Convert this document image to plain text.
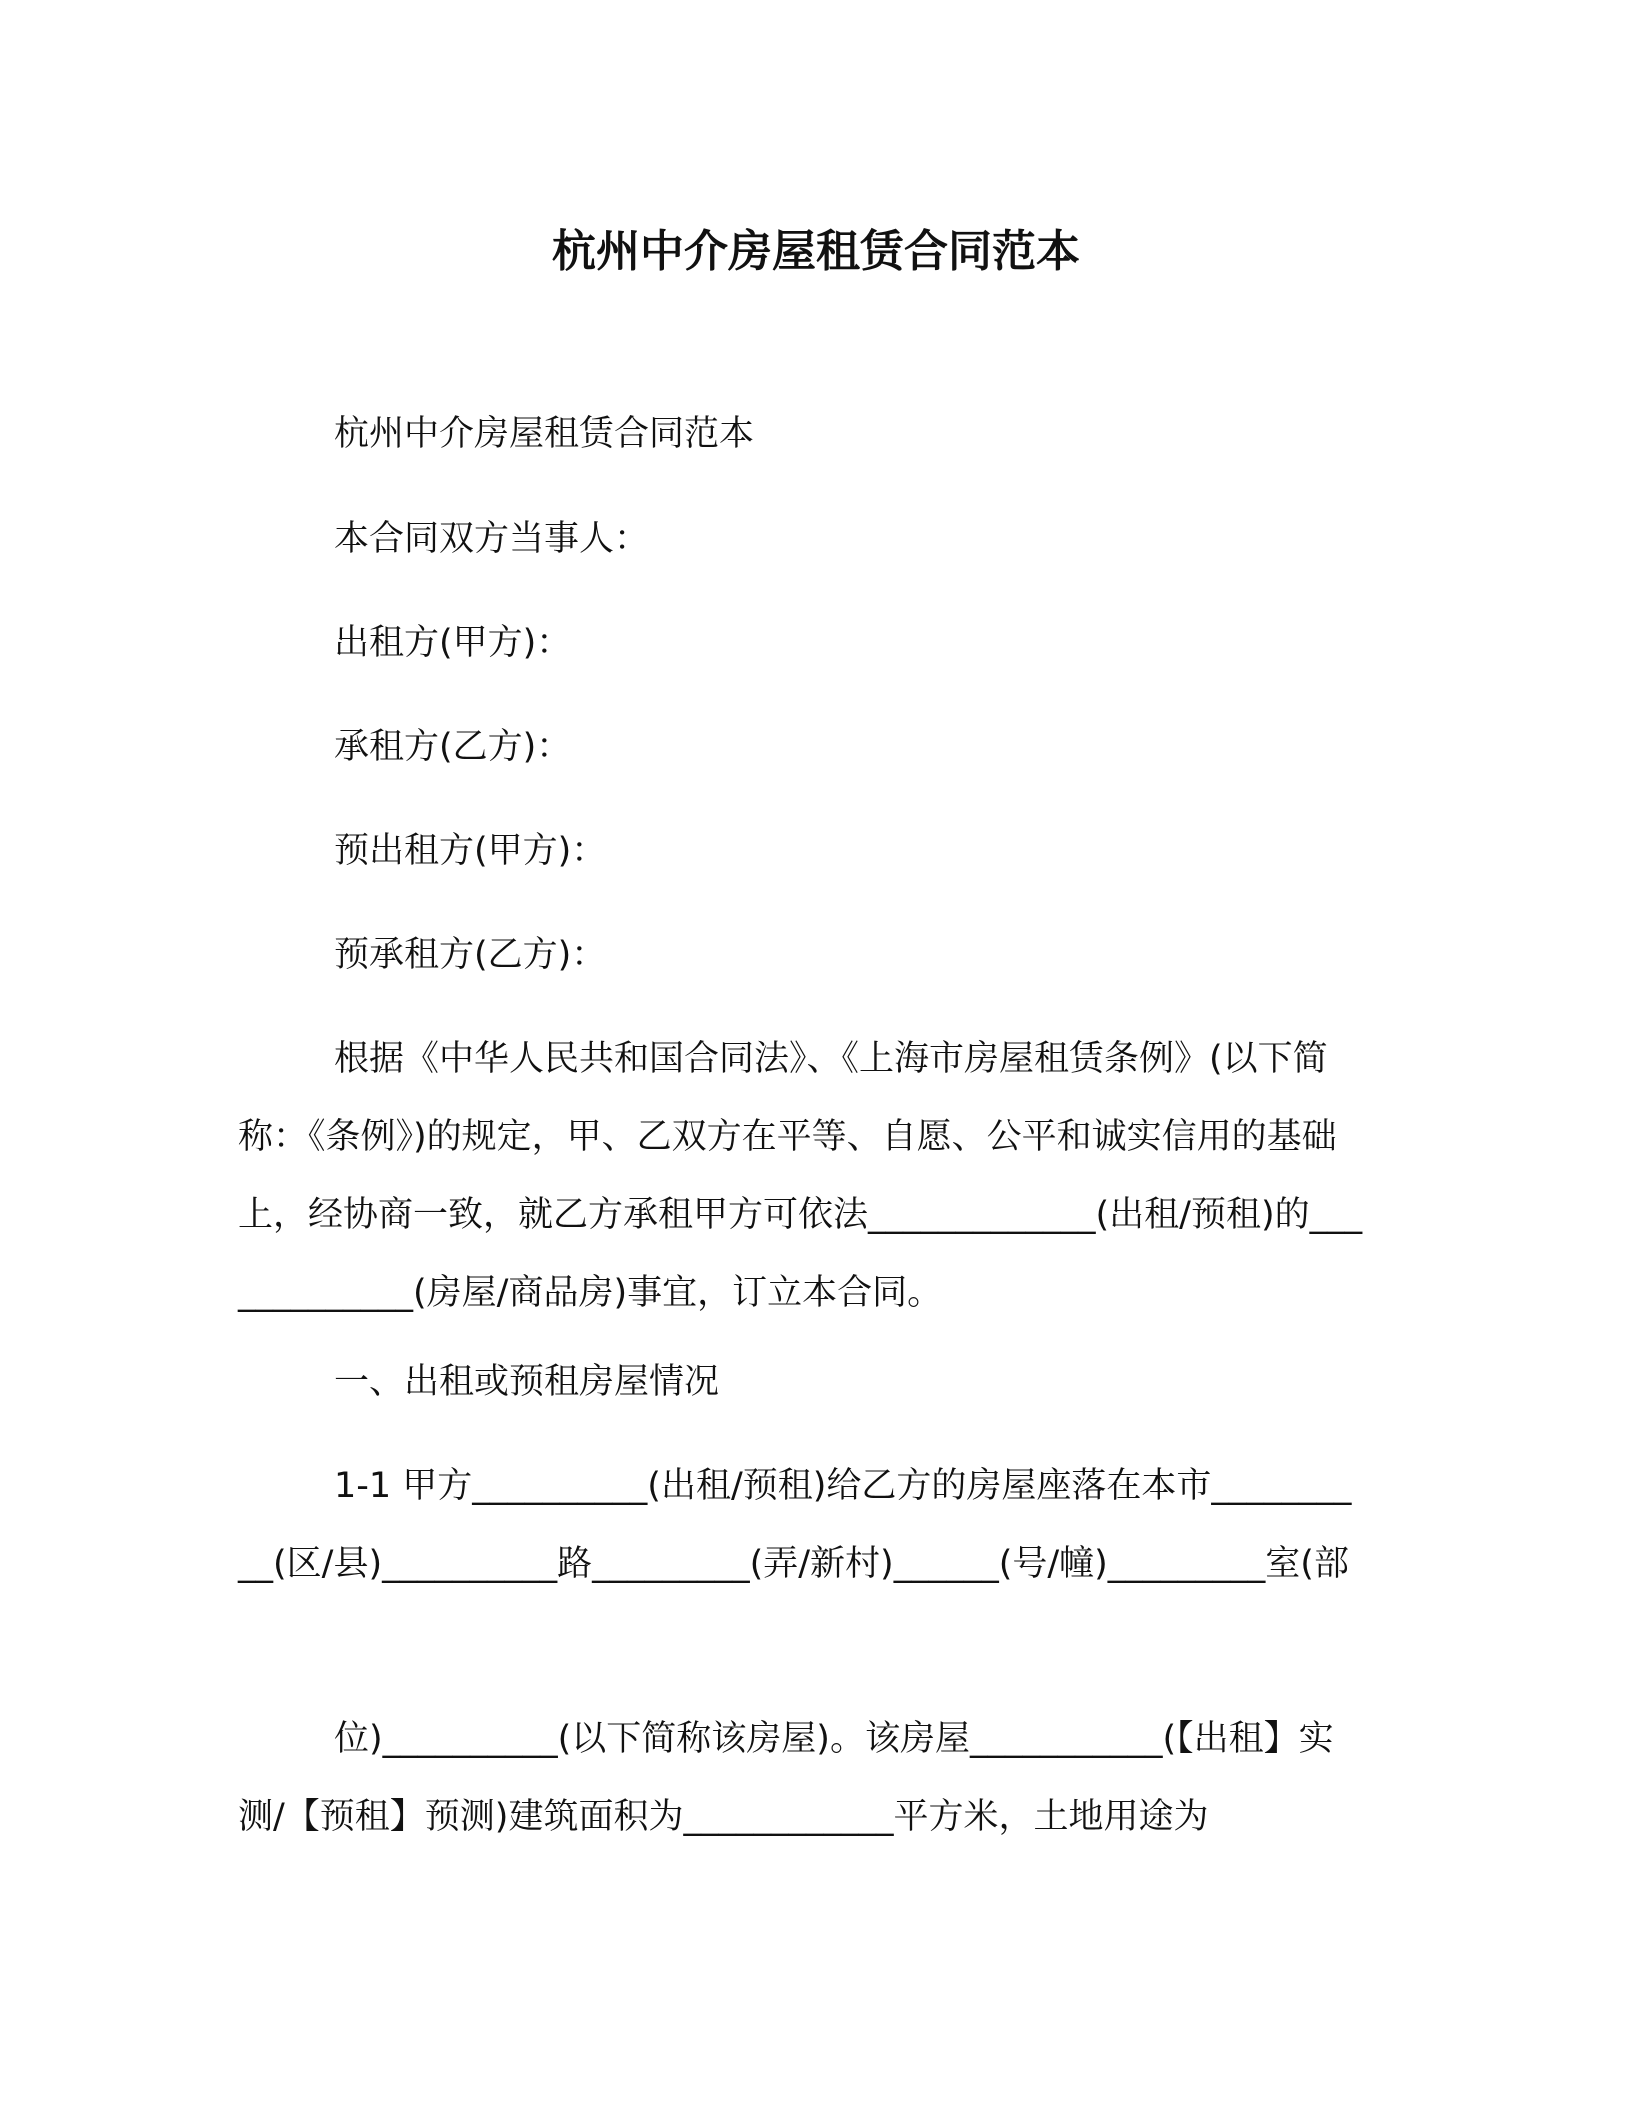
杭州中介房屋租赁合同范本

杭州中介房屋租赁合同范本

本合同双方当事人：

出租方(甲方)：

承租方(乙方)：

预出租方(甲方)：

预承租方(乙方)：

根据《中华人民共和国合同法》、《上海市房屋租赁条例》(以下简称：《条例》)的规定，甲、乙双方在平等、自愿、公平和诚实信用的基础上，经协商一致，就乙方承租甲方可依法_____________(出租/预租)的_____________(房屋/商品房)事宜，订立本合同。

一、出租或预租房屋情况

1-1 甲方__________(出租/预租)给乙方的房屋座落在本市__________(区/县)__________路_________(弄/新村)______(号/幢)_________室(部

位)__________(以下简称该房屋)。该房屋___________(【出租】实测/【预租】预测)建筑面积为____________平方米，土地用途为
